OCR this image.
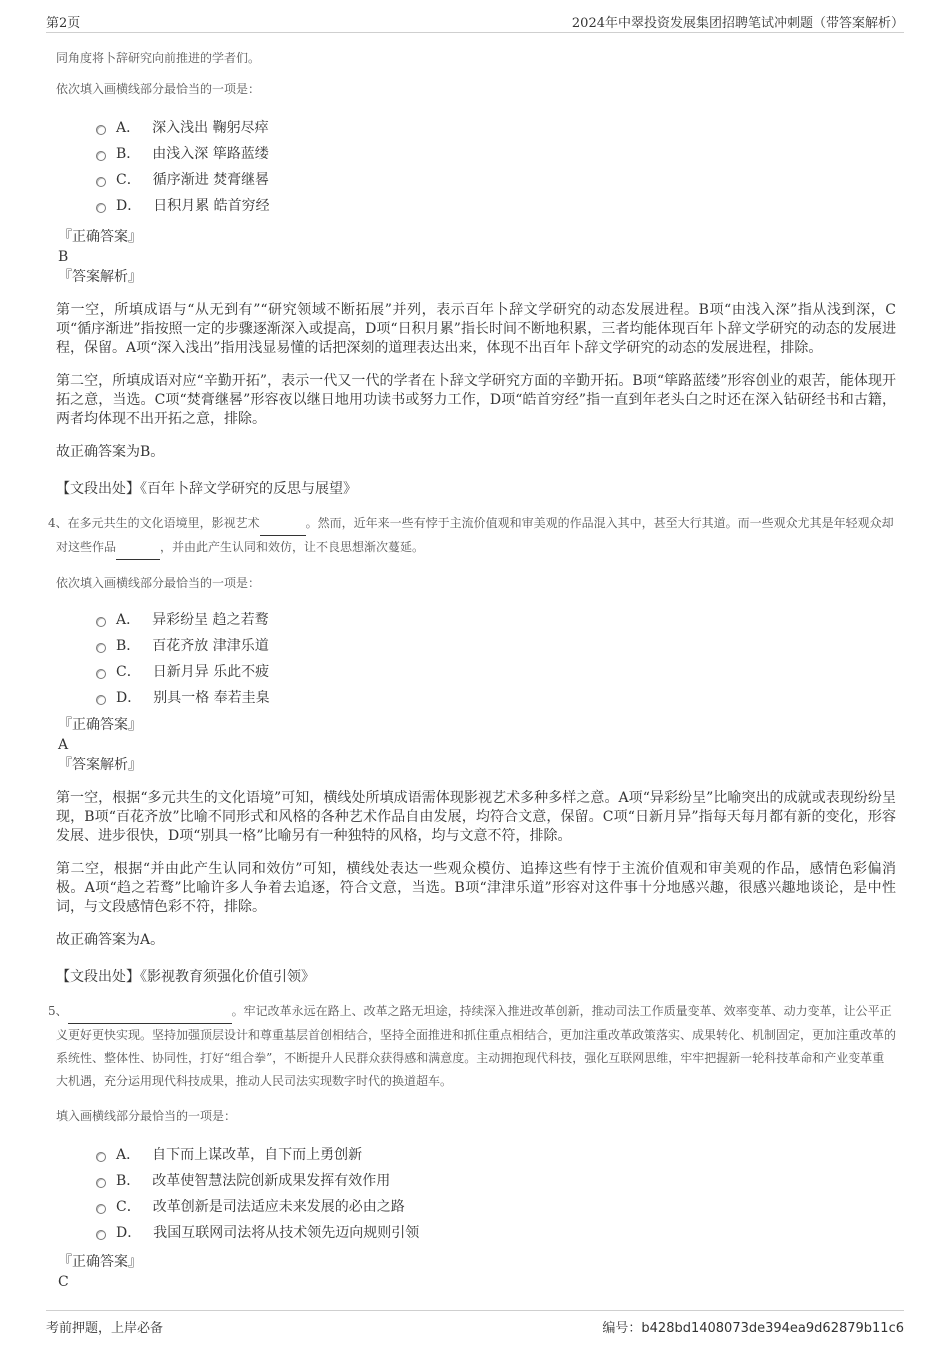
第2页	2024年中翠投资发展集团招聘笔试冲刺题（带答案解析）

同角度将卜辞研究向前推进的学者们。

依次填入画横线部分最恰当的一项是：

A． 深入浅出 鞠躬尽瘁
B． 由浅入深 筚路蓝缕
C． 循序渐进 焚膏继晷
D． 日积月累 皓首穷经

『正确答案』

B

『答案解析』

第一空，所填成语与“从无到有”“研究领域不断拓展”并列，表示百年卜辞文学研究的动态发展进程。B项“由浅入深”指从浅到深，C项“循序渐进”指按照一定的步骤逐渐深入或提高，D项“日积月累”指长时间不断地积累，三者均能体现百年卜辞文学研究的动态的发展进程，保留。A项“深入浅出”指用浅显易懂的话把深刻的道理表达出来，体现不出百年卜辞文学研究的动态的发展进程，排除。

第二空，所填成语对应“辛勤开拓”，表示一代又一代的学者在卜辞文学研究方面的辛勤开拓。B项“筚路蓝缕”形容创业的艰苦，能体现开拓之意，当选。C项“焚膏继晷”形容夜以继日地用功读书或努力工作，D项“皓首穷经”指一直到年老头白之时还在深入钻研经书和古籍，两者均体现不出开拓之意，排除。

故正确答案为B。

【文段出处】《百年卜辞文学研究的反思与展望》

4、在多元共生的文化语境里，影视艺术	。然而，近年来一些有悖于主流价值观和审美观的作品混入其中，甚至大行其道。而一些观众尤其是年轻观众却对这些作品	，并由此产生认同和效仿，让不良思想渐次蔓延。

依次填入画横线部分最恰当的一项是：

A． 异彩纷呈 趋之若鹜
B． 百花齐放 津津乐道
C． 日新月异 乐此不疲
D． 别具一格 奉若圭臬

『正确答案』

A

『答案解析』

第一空，根据“多元共生的文化语境”可知，横线处所填成语需体现影视艺术多种多样之意。A项“异彩纷呈”比喻突出的成就或表现纷纷呈现，B项“百花齐放”比喻不同形式和风格的各种艺术作品自由发展，均符合文意，保留。C项“日新月异”指每天每月都有新的变化，形容发展、进步很快，D项“别具一格”比喻另有一种独特的风格，均与文意不符，排除。

第二空，根据“并由此产生认同和效仿”可知，横线处表达一些观众模仿、追捧这些有悖于主流价值观和审美观的作品，感情色彩偏消极。A项“趋之若鹜”比喻许多人争着去追逐，符合文意，当选。B项“津津乐道”形容对这件事十分地感兴趣，很感兴趣地谈论，是中性词，与文段感情色彩不符，排除。

故正确答案为A。

【文段出处】《影视教育须强化价值引领》

5、	。牢记改革永远在路上、改革之路无坦途，持续深入推进改革创新，推动司法工作质量变革、效率变革、动力变革，让公平正义更好更快实现。坚持加强顶层设计和尊重基层首创相结合，坚持全面推进和抓住重点相结合，更加注重改革政策落实、成果转化、机制固定，更加注重改革的系统性、整体性、协同性，打好“组合拳”，不断提升人民群众获得感和满意度。主动拥抱现代科技，强化互联网思维，牢牢把握新一轮科技革命和产业变革重大机遇，充分运用现代科技成果，推动人民司法实现数字时代的换道超车。

填入画横线部分最恰当的一项是：

A． 自下而上谋改革，自下而上勇创新
B． 改革使智慧法院创新成果发挥有效作用
C． 改革创新是司法适应未来发展的必由之路
D． 我国互联网司法将从技术领先迈向规则引领

『正确答案』

C

考前押题，上岸必备	编号：b428bd1408073de394ea9d62879b11c6
